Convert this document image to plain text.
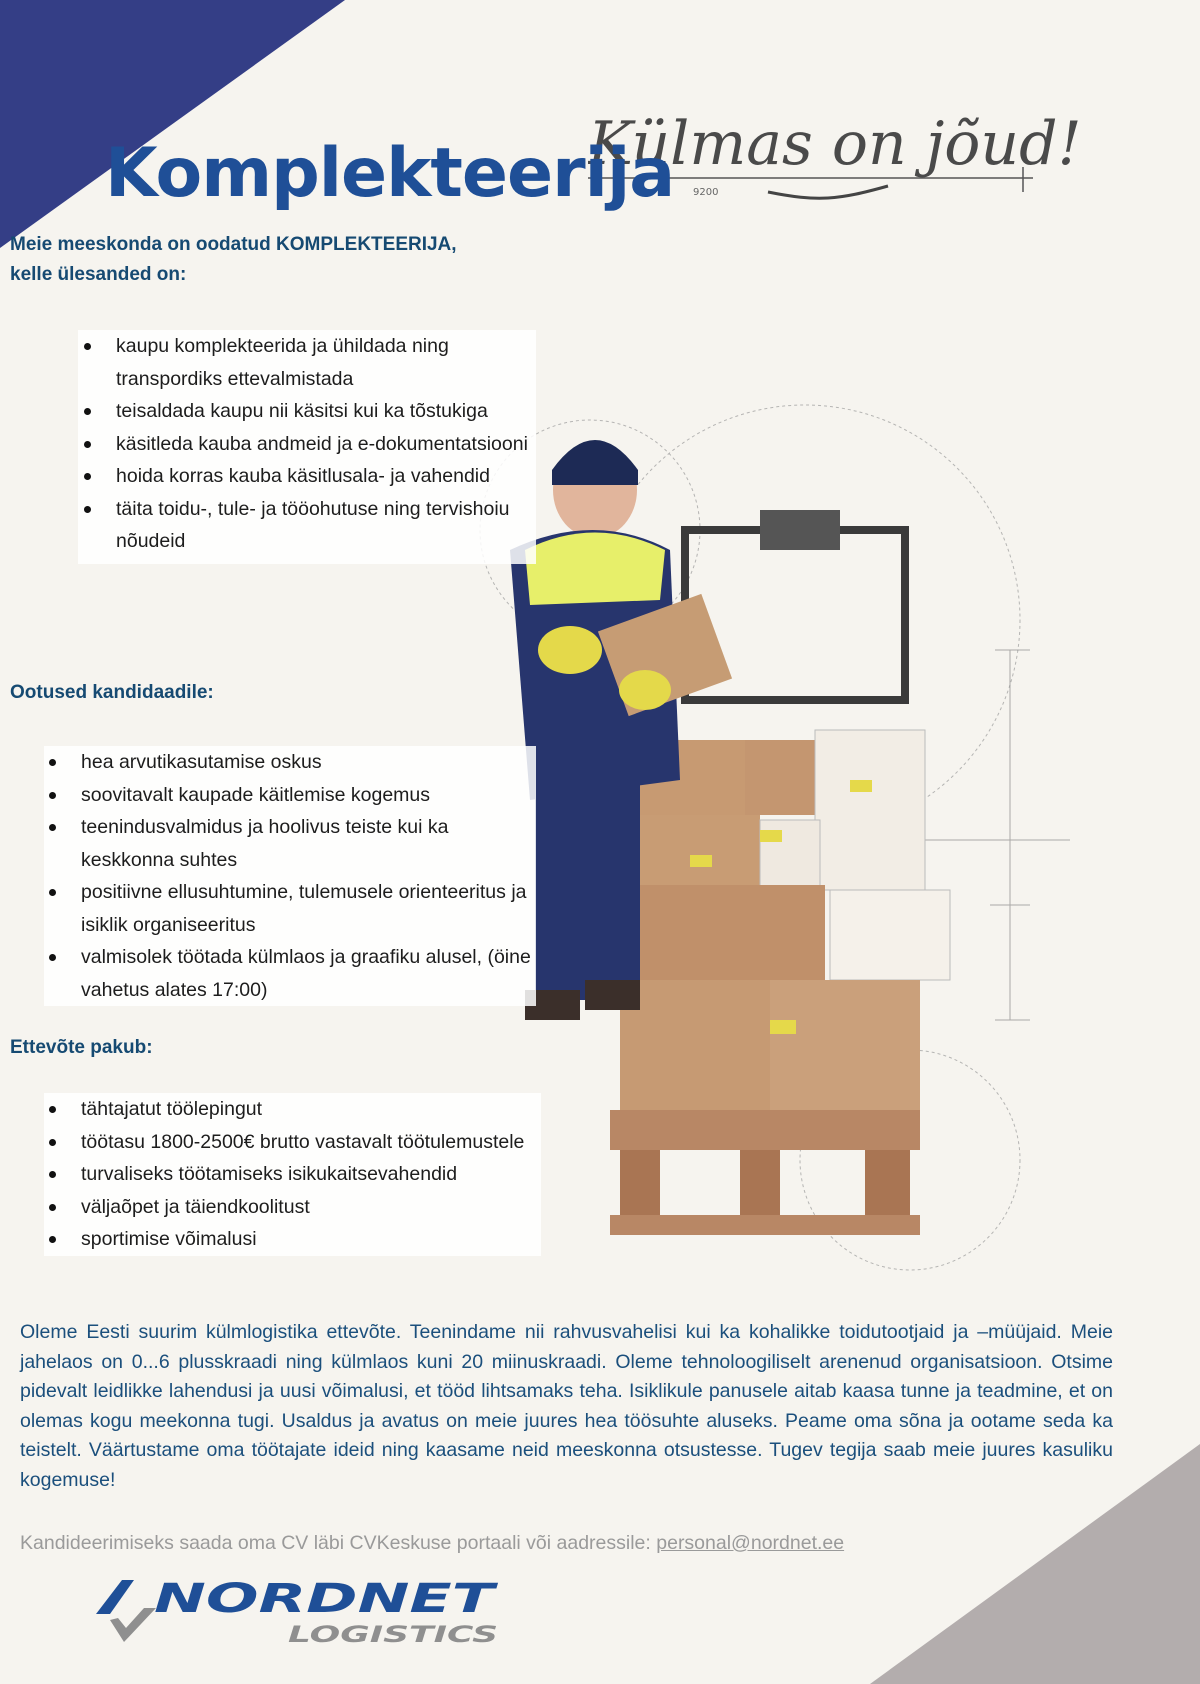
Külmas on jõud!
9200
Komplekteerija

Meie meeskonda on oodatud KOMPLEKTEERIJA,
kelle ülesanded on:

kaupu komplekteerida ja ühildada ning transpordiks ettevalmistada
teisaldada kaupu nii käsitsi kui ka tõstukiga
käsitleda kauba andmeid ja e-dokumentatsiooni
hoida korras kauba käsitlusala- ja vahendid
täita toidu-, tule- ja tööohutuse ning tervishoiu nõudeid

Ootused kandidaadile:

hea arvutikasutamise oskus
soovitavalt kaupade käitlemise kogemus
teenindusvalmidus ja hoolivus teiste kui ka keskkonna suhtes
positiivne ellusuhtumine, tulemusele orienteeritus ja isiklik organiseeritus
valmisolek töötada külmlaos ja graafiku alusel, (öine vahetus alates 17:00)

Ettevõte pakub:

tähtajatut töölepingut
töötasu 1800-2500€ brutto vastavalt töötulemustele
turvaliseks töötamiseks isikukaitsevahendid
väljaõpet ja täiendkoolitust
sportimise võimalusi

Oleme Eesti suurim külmlogistika ettevõte. Teenindame nii rahvusvahelisi kui ka kohalikke toidutootjaid ja –müüjaid. Meie jahelaos on 0...6 plusskraadi ning külmlaos kuni 20 miinuskraadi. Oleme tehnoloogiliselt arenenud organisatsioon. Otsime pidevalt leidlikke lahendusi ja uusi võimalusi, et tööd lihtsamaks teha. Isiklikule panusele aitab kaasa tunne ja teadmine, et on olemas kogu meekonna tugi. Usaldus ja avatus on meie juures hea töösuhte aluseks. Peame oma sõna ja ootame seda ka teistelt. Väärtustame oma töötajate ideid ning kaasame neid meeskonna otsustesse. Tugev tegija saab meie juures kasuliku kogemuse!

Kandideerimiseks saada oma CV läbi CVKeskuse portaali või aadressile: personal@nordnet.ee

NORDNET
LOGISTICS
